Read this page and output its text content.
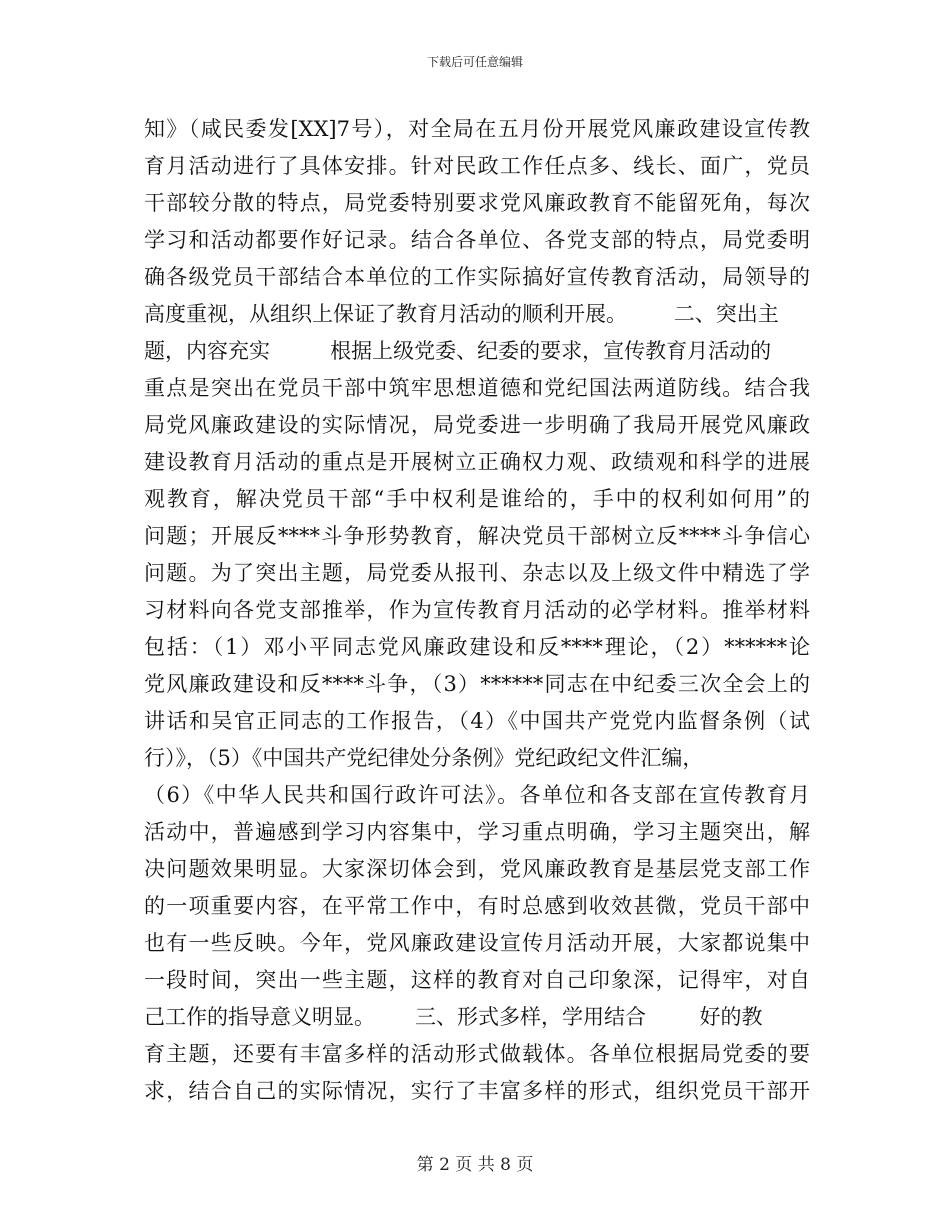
下载后可任意编辑
知》（咸民委发[XX]7号），对全局在五月份开展党风廉政建设宣传教
育月活动进行了具体安排。针对民政工作任点多、线长、面广，党员
干部较分散的特点，局党委特别要求党风廉政教育不能留死角，每次
学习和活动都要作好记录。结合各单位、各党支部的特点，局党委明
确各级党员干部结合本单位的工作实际搞好宣传教育活动，局领导的
高度重视，从组织上保证了教育月活动的顺利开展。       二、突出主
题，内容充实         根据上级党委、纪委的要求，宣传教育月活动的
重点是突出在党员干部中筑牢思想道德和党纪国法两道防线。结合我
局党风廉政建设的实际情况，局党委进一步明确了我局开展党风廉政
建设教育月活动的重点是开展树立正确权力观、政绩观和科学的进展
观教育，解决党员干部“手中权利是谁给的，手中的权利如何用”的
问题；开展反****斗争形势教育，解决党员干部树立反****斗争信心
问题。为了突出主题，局党委从报刊、杂志以及上级文件中精选了学
习材料向各党支部推举，作为宣传教育月活动的必学材料。推举材料
包括：（1）邓小平同志党风廉政建设和反****理论，（2）******论
党风廉政建设和反****斗争，（3）******同志在中纪委三次全会上的
讲话和吴官正同志的工作报告，（4）《中国共产党党内监督条例（试
行）》，（5）《中国共产党纪律处分条例》党纪政纪文件汇编，
（6）《中华人民共和国行政许可法》。各单位和各支部在宣传教育月
活动中，普遍感到学习内容集中，学习重点明确，学习主题突出，解
决问题效果明显。大家深切体会到，党风廉政教育是基层党支部工作
的一项重要内容，在平常工作中，有时总感到收效甚微，党员干部中
也有一些反映。今年，党风廉政建设宣传月活动开展，大家都说集中
一段时间，突出一些主题，这样的教育对自己印象深，记得牢，对自
己工作的指导意义明显。      三、形式多样，学用结合        好的教
育主题，还要有丰富多样的活动形式做载体。各单位根据局党委的要
求，结合自己的实际情况，实行了丰富多样的形式，组织党员干部开
第 2 页 共 8 页
